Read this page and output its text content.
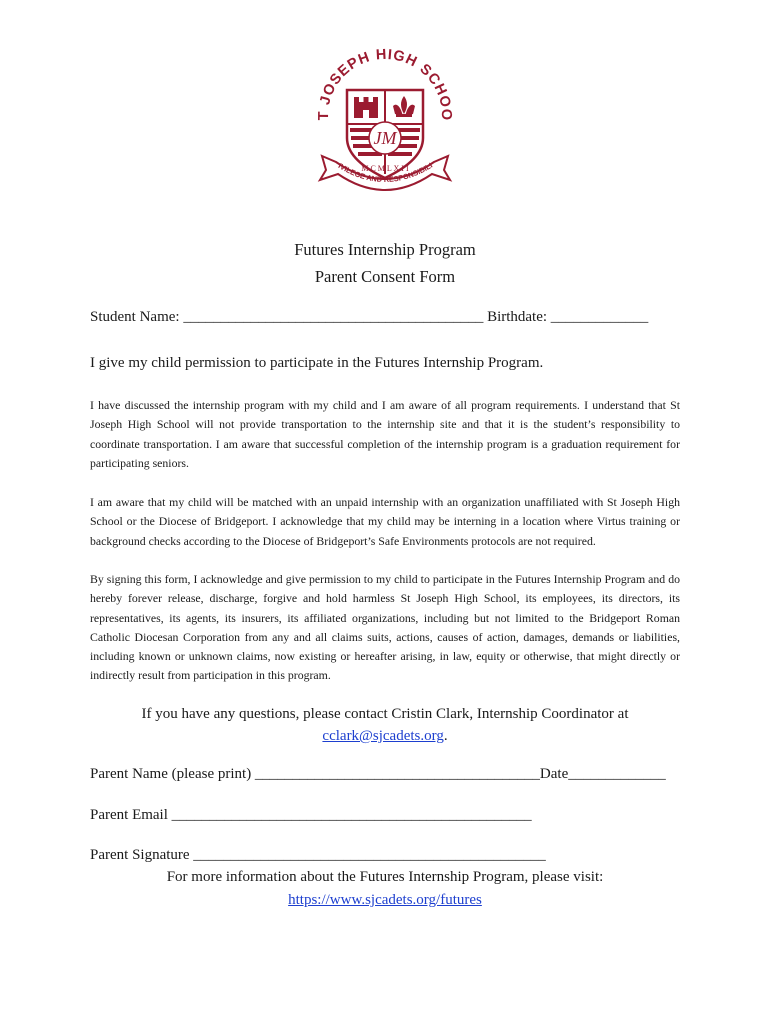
T JOSEPH HIGH SCHOO
JM
M C M L X I I
IVILEGE AND RESPONSIBILI
Futures Internship Program
Parent Consent Form
Student Name: ________________________________________ Birthdate: _____________
I give my child permission to participate in the Futures Internship Program.
I have discussed the internship program with my child and I am aware of all program requirements. I understand that St Joseph High School will not provide transportation to the internship site and that it is the student’s responsibility to coordinate transportation. I am aware that successful completion of the internship program is a graduation requirement for participating seniors.
I am aware that my child will be matched with an unpaid internship with an organization unaffiliated with St Joseph High School or the Diocese of Bridgeport. I acknowledge that my child may be interning in a location where Virtus training or background checks according to the Diocese of Bridgeport’s Safe Environments protocols are not required.
By signing this form, I acknowledge and give permission to my child to participate in the Futures Internship Program and do hereby forever release, discharge, forgive and hold harmless St Joseph High School, its employees, its directors, its representatives, its agents, its insurers, its affiliated organizations, including but not limited to the Bridgeport Roman Catholic Diocesan Corporation from any and all claims suits, actions, causes of action, damages, demands or liabilities, including known or unknown claims, now existing or hereafter arising, in law, equity or otherwise, that might directly or indirectly result from participation in this program.
If you have any questions, please contact Cristin Clark, Internship Coordinator at
cclark@sjcadets.org.
Parent Name (please print) ______________________________________Date_____________
Parent Email ________________________________________________
Parent Signature _______________________________________________
For more information about the Futures Internship Program, please visit:
https://www.sjcadets.org/futures
